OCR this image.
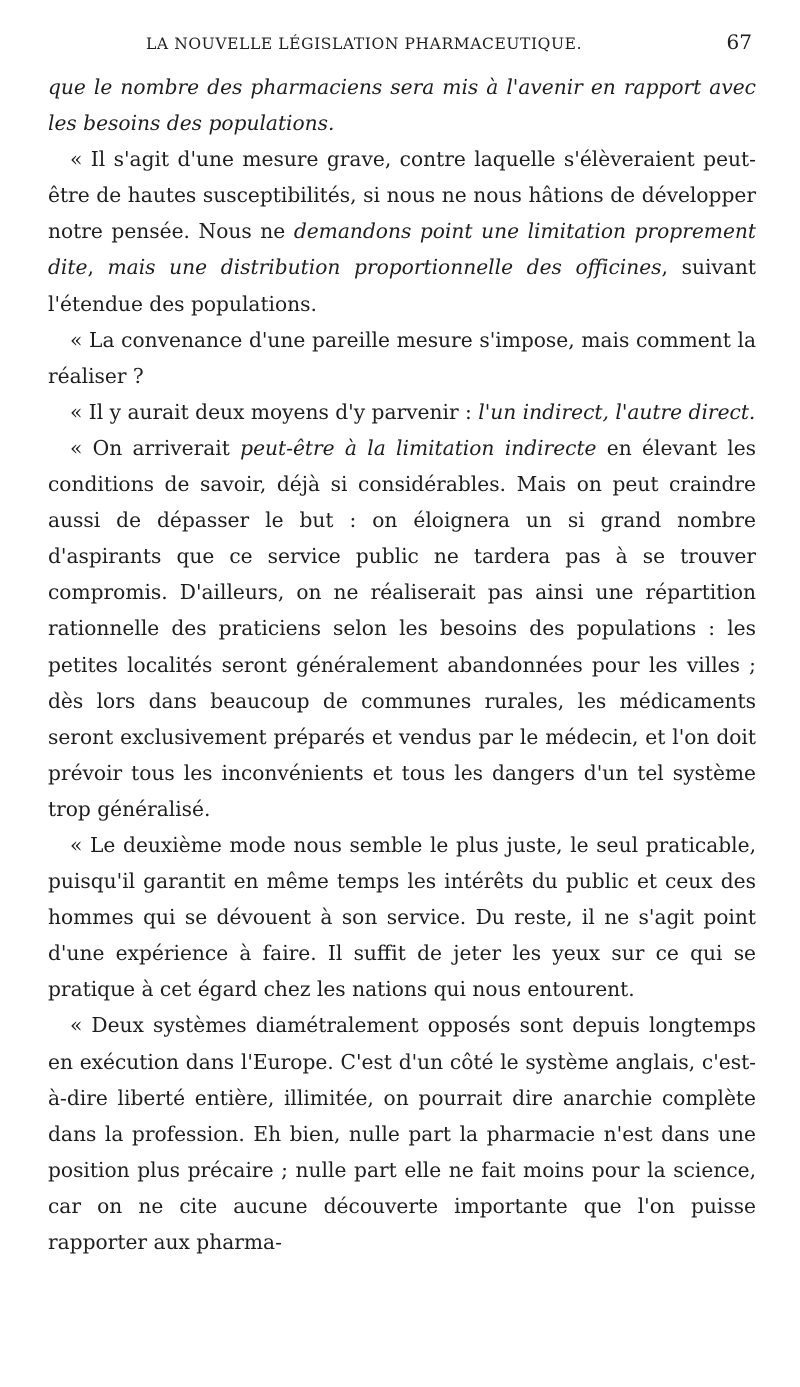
LA NOUVELLE LÉGISLATION PHARMACEUTIQUE.	67

que le nombre des pharmaciens sera mis à l'avenir en rapport avec les besoins des populations.

« Il s'agit d'une mesure grave, contre laquelle s'élèveraient peut-être de hautes susceptibilités, si nous ne nous hâtions de développer notre pensée. Nous ne demandons point une limitation proprement dite, mais une distribution proportionnelle des officines, suivant l'étendue des populations.

« La convenance d'une pareille mesure s'impose, mais comment la réaliser ?

« Il y aurait deux moyens d'y parvenir : l'un indirect, l'autre direct.

« On arriverait peut-être à la limitation indirecte en élevant les conditions de savoir, déjà si considérables. Mais on peut craindre aussi de dépasser le but : on éloignera un si grand nombre d'aspirants que ce service public ne tardera pas à se trouver compromis. D'ailleurs, on ne réaliserait pas ainsi une répartition rationnelle des praticiens selon les besoins des populations : les petites localités seront généralement abandonnées pour les villes ; dès lors dans beaucoup de communes rurales, les médicaments seront exclusivement préparés et vendus par le médecin, et l'on doit prévoir tous les inconvénients et tous les dangers d'un tel système trop généralisé.

« Le deuxième mode nous semble le plus juste, le seul praticable, puisqu'il garantit en même temps les intérêts du public et ceux des hommes qui se dévouent à son service. Du reste, il ne s'agit point d'une expérience à faire. Il suffit de jeter les yeux sur ce qui se pratique à cet égard chez les nations qui nous entourent.

« Deux systèmes diamétralement opposés sont depuis longtemps en exécution dans l'Europe. C'est d'un côté le système anglais, c'est-à-dire liberté entière, illimitée, on pourrait dire anarchie complète dans la profession. Eh bien, nulle part la pharmacie n'est dans une position plus précaire ; nulle part elle ne fait moins pour la science, car on ne cite aucune découverte importante que l'on puisse rapporter aux pharma-
